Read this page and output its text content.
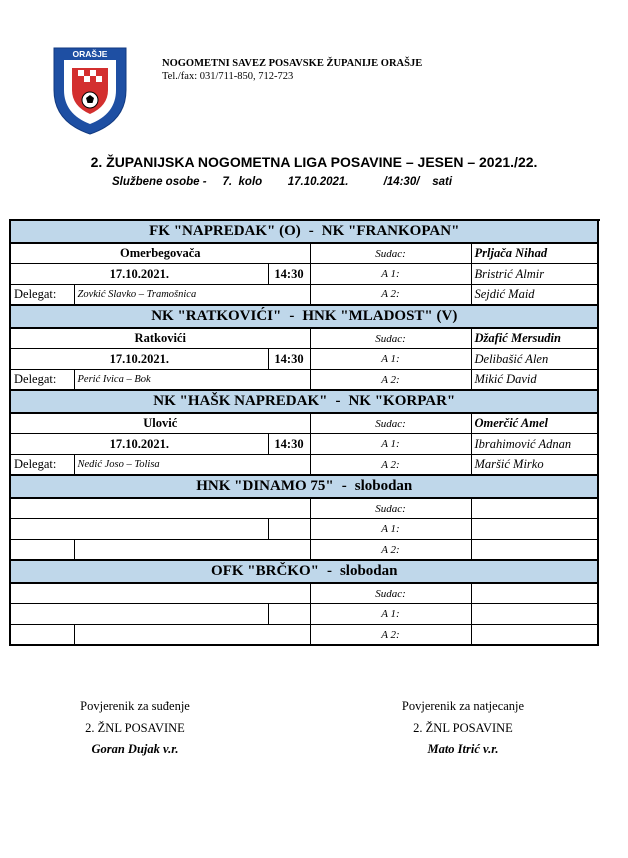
ORAŠJE
NOGOMETNI SAVEZ POSAVSKE ŽUPANIJE ORAŠJE
Tel./fax: 031/711-850, 712-723
2. ŽUPANIJSKA NOGOMETNA LIGA POSAVINE – JESEN – 2021./22.
Službene osobe -     7.  kolo        17.10.2021.           /14:30/    sati
FK "NAPREDAK" (O) - NK "FRANKOPAN"					
Omerbegovača			Sudac:	Prljača Nihad	
17.10.2021.		14:30	A 1:	Bristrić Almir	
Delegat:	Zovkić Slavko – Tramošnica		A 2:	Sejdić Maid	
NK "RATKOVIĆI" - HNK "MLADOST" (V)					
Ratkovići			Sudac:	Džafić Mersudin	
17.10.2021.		14:30	A 1:	Delibašić Alen	
Delegat:	Perić Ivica – Bok		A 2:	Mikić David	
NK "HAŠK NAPREDAK" - NK "KORPAR"					
Ulović			Sudac:	Omerčić Amel	
17.10.2021.		14:30	A 1:	Ibrahimović Adnan	
Delegat:	Nedić Joso – Tolisa		A 2:	Maršić Mirko	
HNK "DINAMO 75" - slobodan					
			Sudac:		
			A 1:		
			A 2:		
OFK "BRČKO" - slobodan					
			Sudac:		
			A 1:		
			A 2:		
Povjerenik za suđenje
2. ŽNL POSAVINE
Goran Dujak v.r.
Povjerenik za natjecanje
2. ŽNL POSAVINE
Mato Itrić v.r.
